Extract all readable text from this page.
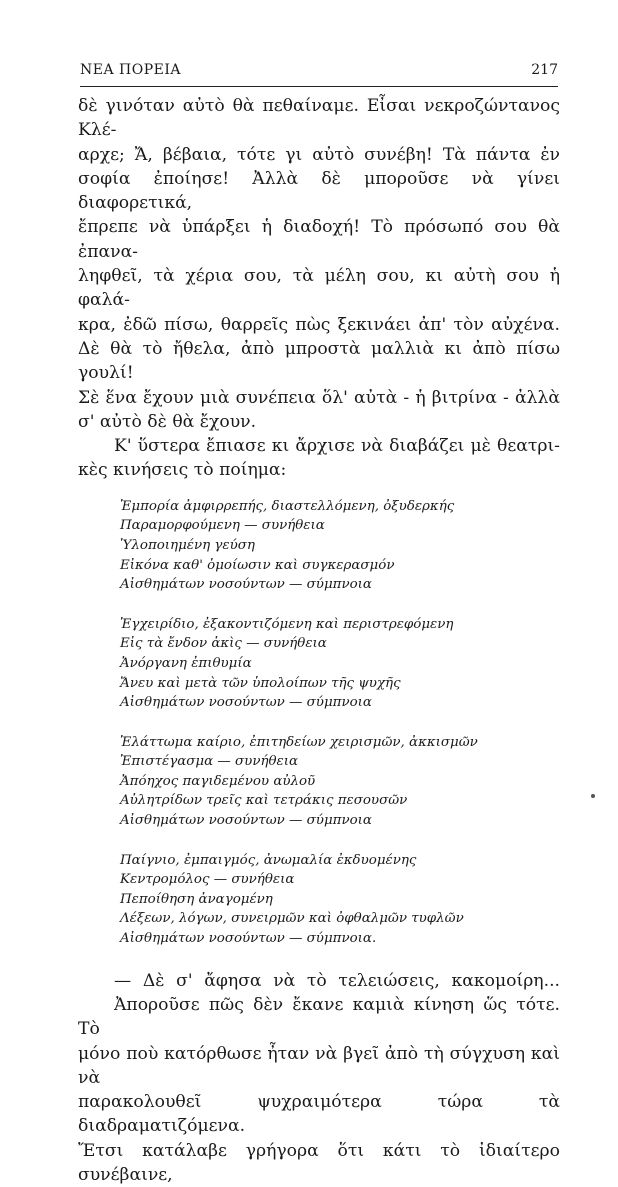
ΝΕΑ ΠΟΡΕΙΑ	217

δὲ γινόταν αὐτὸ θὰ πεθαίναμε. Εἶσαι νεκροζώντανος Κλέ-

αρχε; Ἄ, βέβαια, τότε γι αὐτὸ συνέβη! Τὰ πάντα ἐν

σοφία ἐποίησε! Ἀλλὰ δὲ μποροῦσε νὰ γίνει διαφορετικά,

ἔπρεπε νὰ ὑπάρξει ἡ διαδοχή! Τὸ πρόσωπό σου θὰ ἐπανα-

ληφθεῖ, τὰ χέρια σου, τὰ μέλη σου, κι αὐτὴ σου ἡ φαλά-

κρα, ἐδῶ πίσω, θαρρεῖς πὼς ξεκινάει ἀπ' τὸν αὐχένα.

Δὲ θὰ τὸ ἤθελα, ἀπὸ μπροστὰ μαλλιὰ κι ἀπὸ πίσω γουλί!

Σὲ ἕνα ἔχουν μιὰ συνέπεια ὅλ' αὐτὰ - ἡ βιτρίνα - ἀλλὰ

σ' αὐτὸ δὲ θὰ ἔχουν.

Κ' ὕστερα ἔπιασε κι ἄρχισε νὰ διαβάζει μὲ θεατρι-

κὲς κινήσεις τὸ ποίημα:

Ἐμπορία ἀμφιρρεπής, διαστελλόμενη, ὀξυδερκής
Παραμορφούμενη — συνήθεια
Ὑλοποιημένη γεύση
Εἰκόνα καθ' ὁμοίωσιν καὶ συγκερασμόν
Αἰσθημάτων νοσούντων — σύμπνοια
Ἐγχειρίδιο, ἐξακοντιζόμενη καὶ περιστρεφόμενη
Εἰς τὰ ἔνδον ἀκὶς — συνήθεια
Ἀνόργανη ἐπιθυμία
Ἄνευ καὶ μετὰ τῶν ὑπολοίπων τῆς ψυχῆς
Αἰσθημάτων νοσούντων — σύμπνοια
Ἐλάττωμα καίριο, ἐπιτηδείων χειρισμῶν, ἀκκισμῶν
Ἐπιστέγασμα — συνήθεια
Ἀπόηχος παγιδεμένου αὐλοῦ
Αὐλητρίδων τρεῖς καὶ τετράκις πεσουσῶν
Αἰσθημάτων νοσούντων — σύμπνοια
Παίγνιο, ἐμπαιγμός, ἀνωμαλία ἐκδυομένης
Κεντρομόλος — συνήθεια
Πεποίθηση ἀναγομένη
Λέξεων, λόγων, συνειρμῶν καὶ ὀφθαλμῶν τυφλῶν
Αἰσθημάτων νοσούντων — σύμπνοια.

— Δὲ σ' ἄφησα νὰ τὸ τελειώσεις, κακομοίρη...

Ἀποροῦσε πῶς δὲν ἔκανε καμιὰ κίνηση ὥς τότε. Τὸ

μόνο ποὺ κατόρθωσε ἦταν νὰ βγεῖ ἀπὸ τὴ σύγχυση καὶ νὰ

παρακολουθεῖ ψυχραιμότερα τώρα τὰ διαδραματιζόμενα.

Ἔτσι κατάλαβε γρήγορα ὅτι κάτι τὸ ἰδιαίτερο συνέβαινε,
